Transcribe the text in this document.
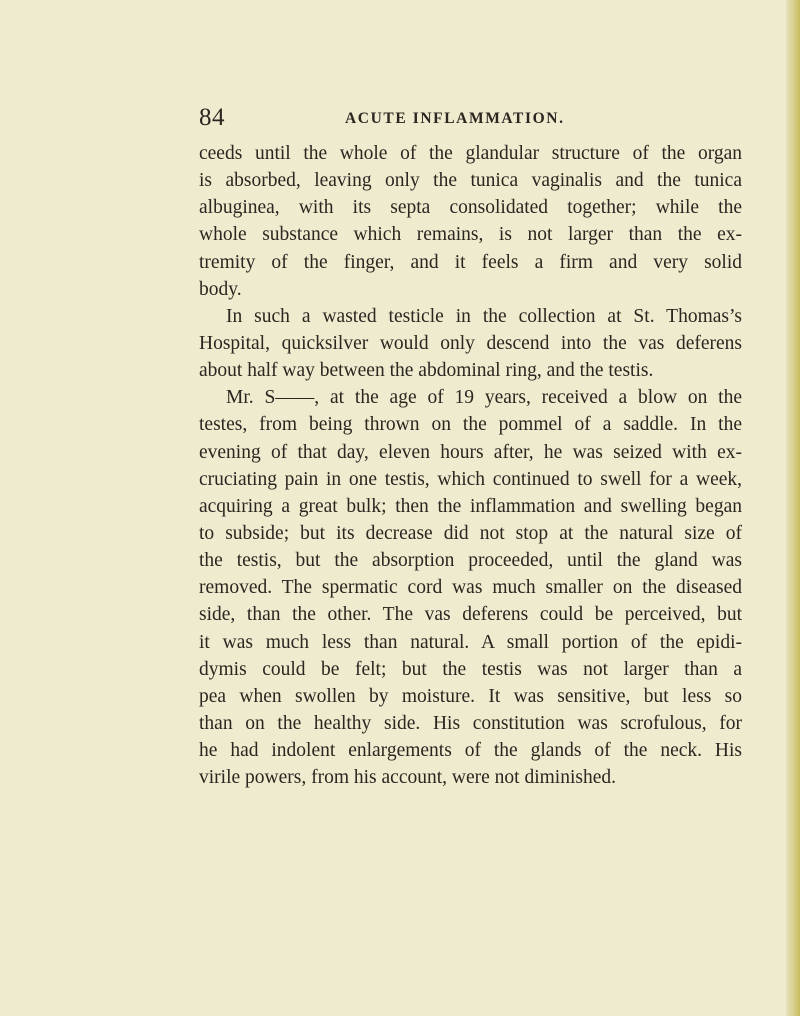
84	ACUTE INFLAMMATION.
ceeds until the whole of the glandular structure of the organ
is absorbed, leaving only the tunica vaginalis and the tunica
albuginea, with its septa consolidated together; while the
whole substance which remains, is not larger than the ex-
tremity of the finger, and it feels a firm and very solid
body.
In such a wasted testicle in the collection at St. Thomas’s
Hospital, quicksilver would only descend into the vas deferens
about half way between the abdominal ring, and the testis.
Mr. S——, at the age of 19 years, received a blow on the
testes, from being thrown on the pommel of a saddle. In the
evening of that day, eleven hours after, he was seized with ex-
cruciating pain in one testis, which continued to swell for a week,
acquiring a great bulk; then the inflammation and swelling began
to subside; but its decrease did not stop at the natural size of
the testis, but the absorption proceeded, until the gland was
removed. The spermatic cord was much smaller on the diseased
side, than the other. The vas deferens could be perceived, but
it was much less than natural. A small portion of the epidi-
dymis could be felt; but the testis was not larger than a
pea when swollen by moisture. It was sensitive, but less so
than on the healthy side. His constitution was scrofulous, for
he had indolent enlargements of the glands of the neck. His
virile powers, from his account, were not diminished.
